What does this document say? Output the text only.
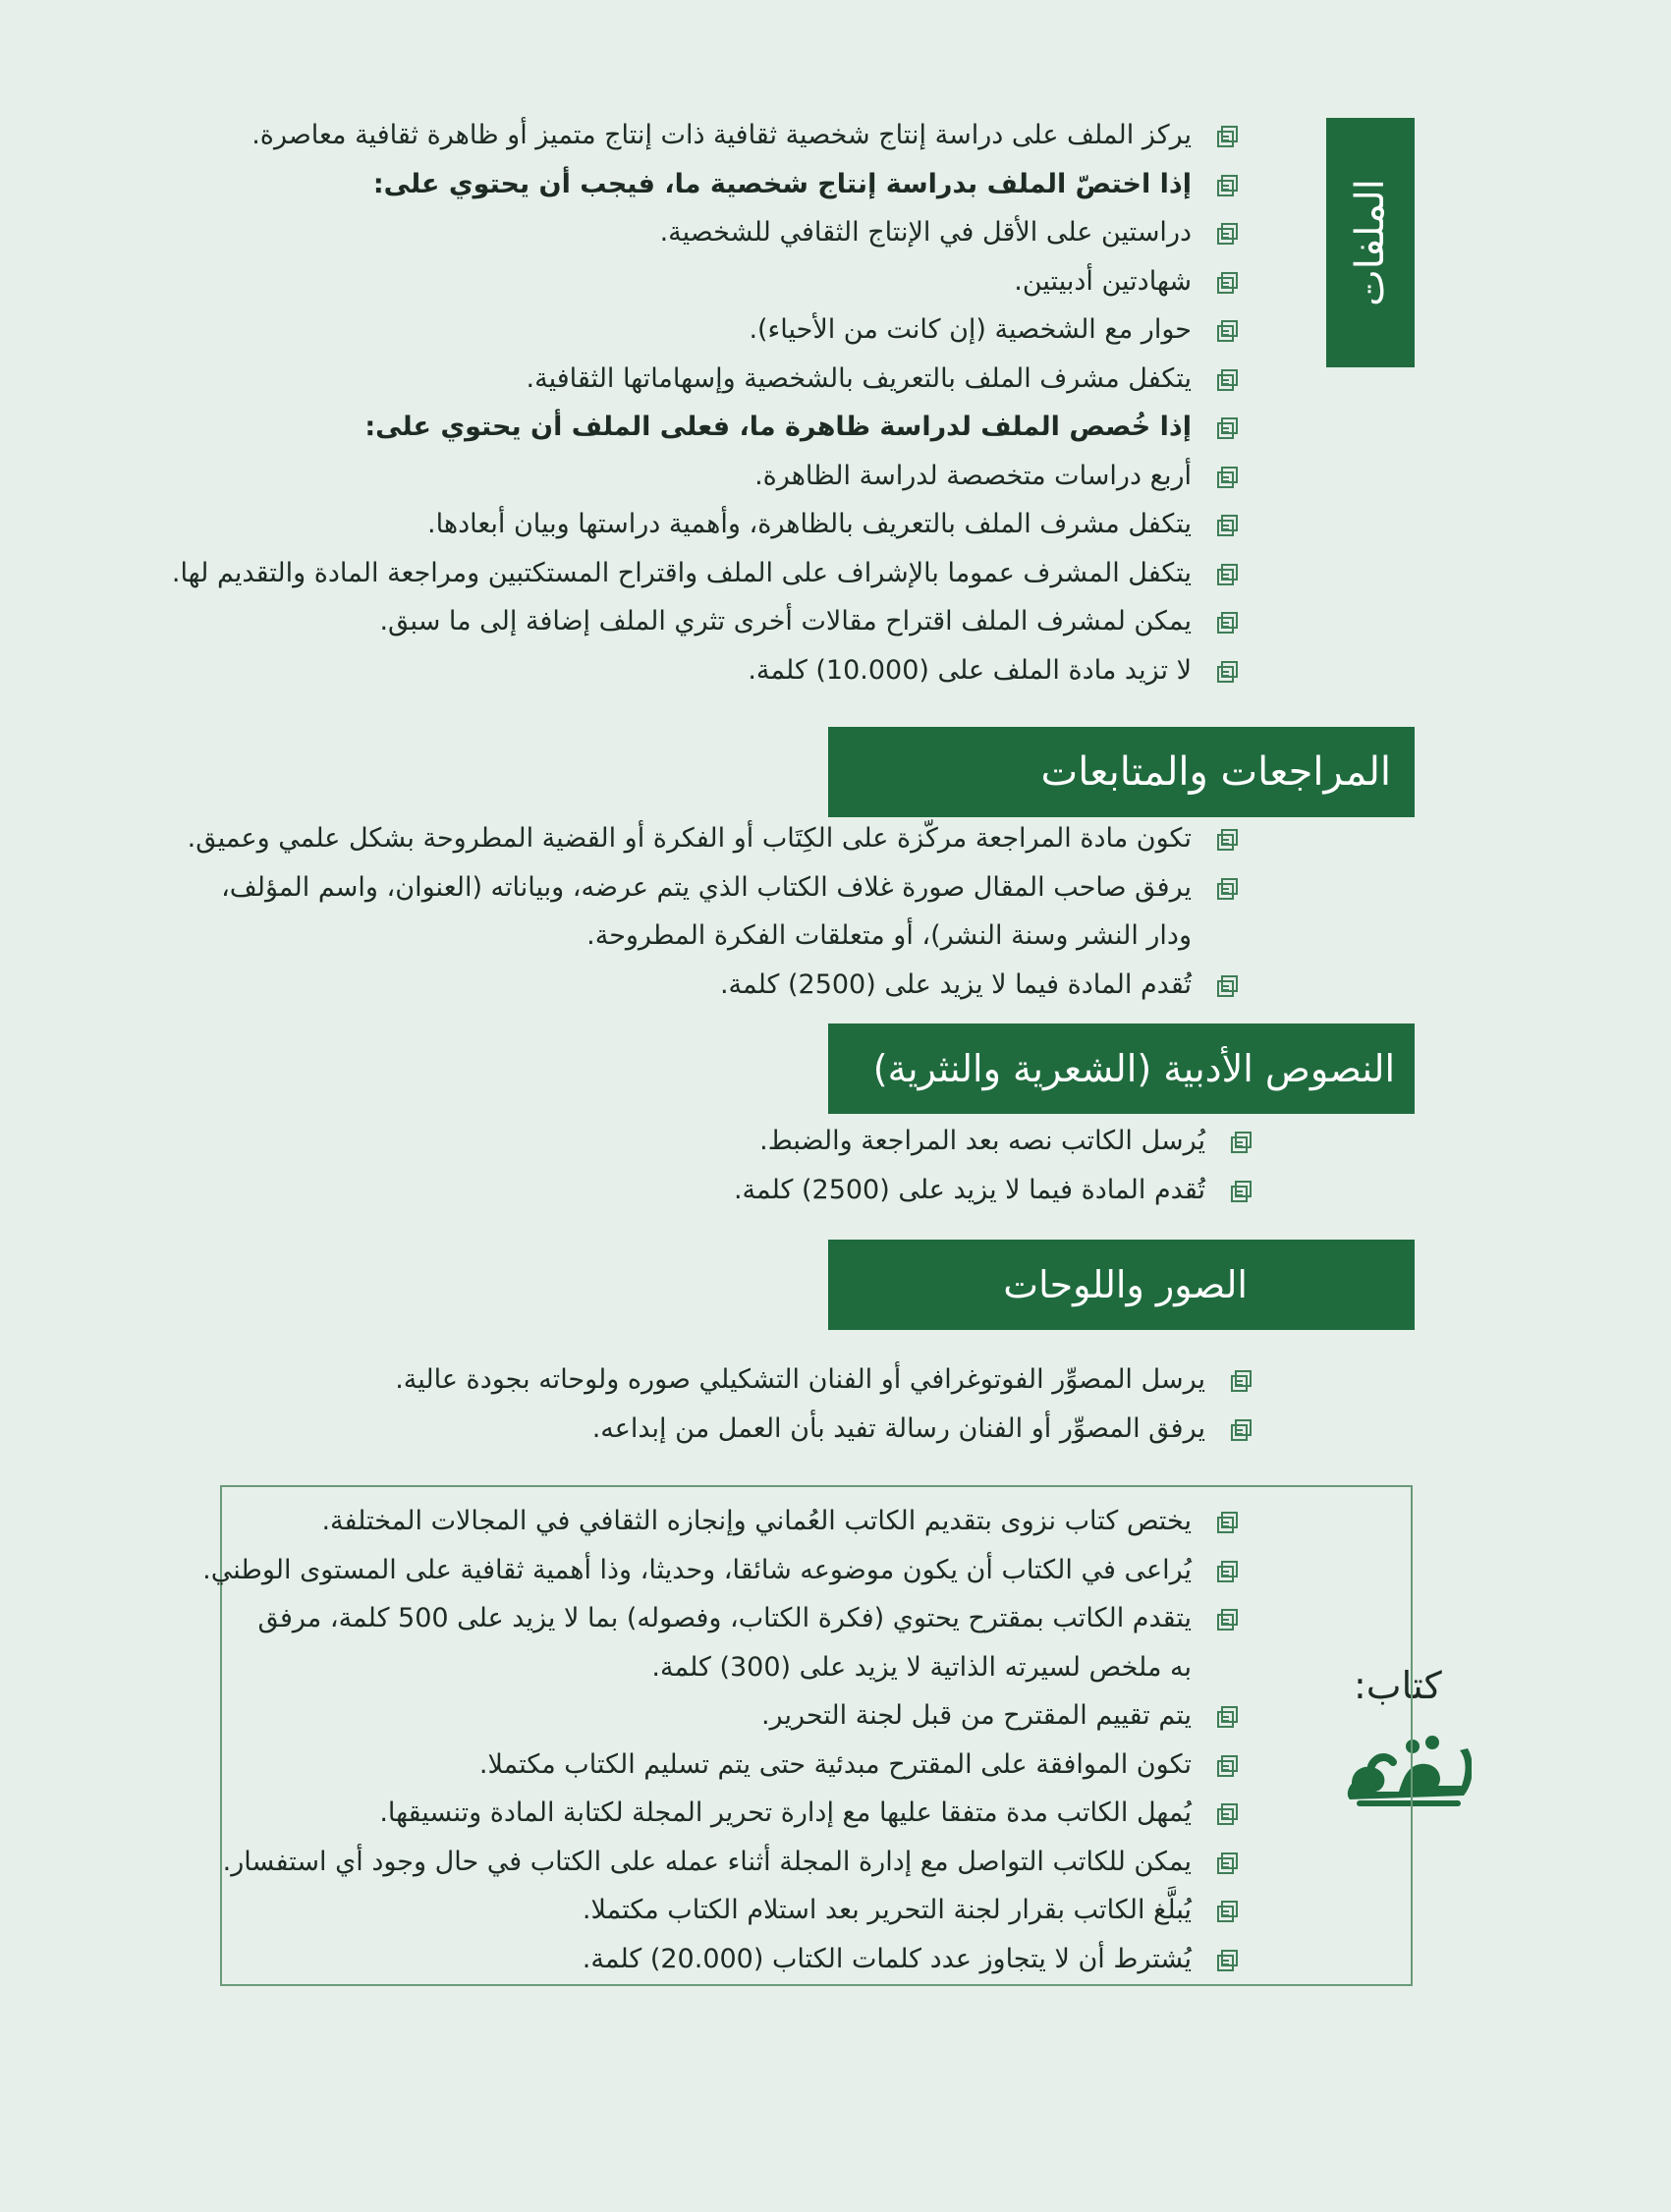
الملفات
يركز الملف على دراسة إنتاج شخصية ثقافية ذات إنتاج متميز أو ظاهرة ثقافية معاصرة.
إذا اختصّ الملف بدراسة إنتاج شخصية ما، فيجب أن يحتوي على:
دراستين على الأقل في الإنتاج الثقافي للشخصية.
شهادتين أدبيتين.
حوار مع الشخصية (إن كانت من الأحياء).
يتكفل مشرف الملف بالتعريف بالشخصية وإسهاماتها الثقافية.
إذا خُصص الملف لدراسة ظاهرة ما، فعلى الملف أن يحتوي على:
أربع دراسات متخصصة لدراسة الظاهرة.
يتكفل مشرف الملف بالتعريف بالظاهرة، وأهمية دراستها وبيان أبعادها.
يتكفل المشرف عموما بالإشراف على الملف واقتراح المستكتبين ومراجعة المادة والتقديم لها.
يمكن لمشرف الملف اقتراح مقالات أخرى تثري الملف إضافة إلى ما سبق.
لا تزيد مادة الملف على (10.000) كلمة.
المراجعات والمتابعات
تكون مادة المراجعة مركّزة على الكِتَاب أو الفكرة أو القضية المطروحة بشكل علمي وعميق.
يرفق صاحب المقال صورة غلاف الكتاب الذي يتم عرضه، وبياناته (العنوان، واسم المؤلف، ودار النشر وسنة النشر)، أو متعلقات الفكرة المطروحة.
تُقدم المادة فيما لا يزيد على (2500) كلمة.
النصوص الأدبية (الشعرية والنثرية)
يُرسل الكاتب نصه بعد المراجعة والضبط.
تُقدم المادة فيما لا يزيد على (2500) كلمة.
الصور واللوحات
يرسل المصوِّر الفوتوغرافي أو الفنان التشكيلي صوره ولوحاته بجودة عالية.
يرفق المصوِّر أو الفنان رسالة تفيد بأن العمل من إبداعه.
كتاب:
يختص كتاب نزوى بتقديم الكاتب العُماني وإنجازه الثقافي في المجالات المختلفة.
يُراعى في الكتاب أن يكون موضوعه شائقا، وحديثا، وذا أهمية ثقافية على المستوى الوطني.
يتقدم الكاتب بمقترح يحتوي (فكرة الكتاب، وفصوله) بما لا يزيد على 500 كلمة، مرفق به ملخص لسيرته الذاتية لا يزيد على (300) كلمة.
يتم تقييم المقترح من قبل لجنة التحرير.
تكون الموافقة على المقترح مبدئية حتى يتم تسليم الكتاب مكتملا.
يُمهل الكاتب مدة متفقا عليها مع إدارة تحرير المجلة لكتابة المادة وتنسيقها.
يمكن للكاتب التواصل مع إدارة المجلة أثناء عمله على الكتاب في حال وجود أي استفسار.
يُبلَّغ الكاتب بقرار لجنة التحرير بعد استلام الكتاب مكتملا.
يُشترط أن لا يتجاوز عدد كلمات الكتاب (20.000) كلمة.
